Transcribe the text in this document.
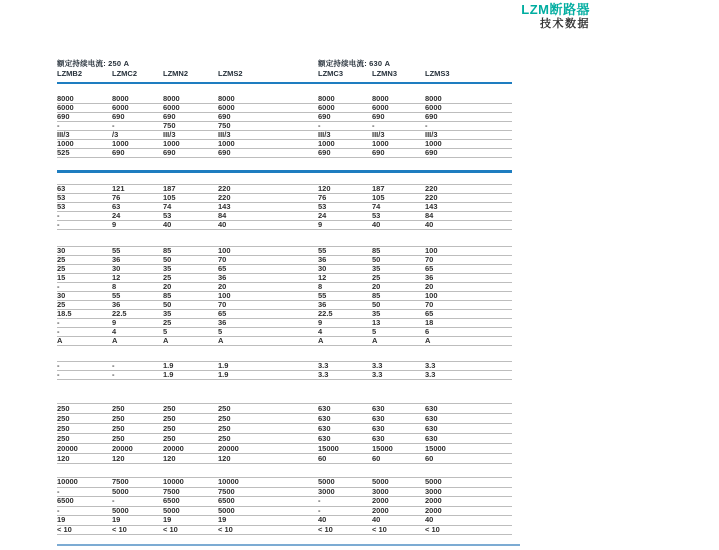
LZM断路器
技术数据
额定持续电流: 250 A	额定持续电流: 630 A
LZMB2	LZMC2	LZMN2	LZMS2	LZMC3	LZMN3	LZMS3
8000	8000	8000	8000	8000	8000	8000
6000	6000	6000	6000	6000	6000	6000
690	690	690	690	690	690	690
-	-	750	750	-	-	-
III/3	/3	III/3	III/3	III/3	III/3	III/3
1000	1000	1000	1000	1000	1000	1000
525	690	690	690	690	690	690
63	121	187	220	120	187	220
53	76	105	220	76	105	220
53	63	74	143	53	74	143
-	24	53	84	24	53	84
-	9	40	40	9	40	40
30	55	85	100	55	85	100
25	36	50	70	36	50	70
25	30	35	65	30	35	65
15	12	25	36	12	25	36
-	8	20	20	8	20	20
30	55	85	100	55	85	100
25	36	50	70	36	50	70
18.5	22.5	35	65	22.5	35	65
-	9	25	36	9	13	18
-	4	5	5	4	5	6
A	A	A	A	A	A	A
-	-	1.9	1.9	3.3	3.3	3.3
-	-	1.9	1.9	3.3	3.3	3.3
250	250	250	250	630	630	630
250	250	250	250	630	630	630
250	250	250	250	630	630	630
250	250	250	250	630	630	630
20000	20000	20000	20000	15000	15000	15000
120	120	120	120	60	60	60
10000	7500	10000	10000	5000	5000	5000
-	5000	7500	7500	3000	3000	3000
6500	-	6500	6500	-	2000	2000
-	5000	5000	5000	-	2000	2000
19	19	19	19	40	40	40
< 10	< 10	< 10	< 10	< 10	< 10	< 10
